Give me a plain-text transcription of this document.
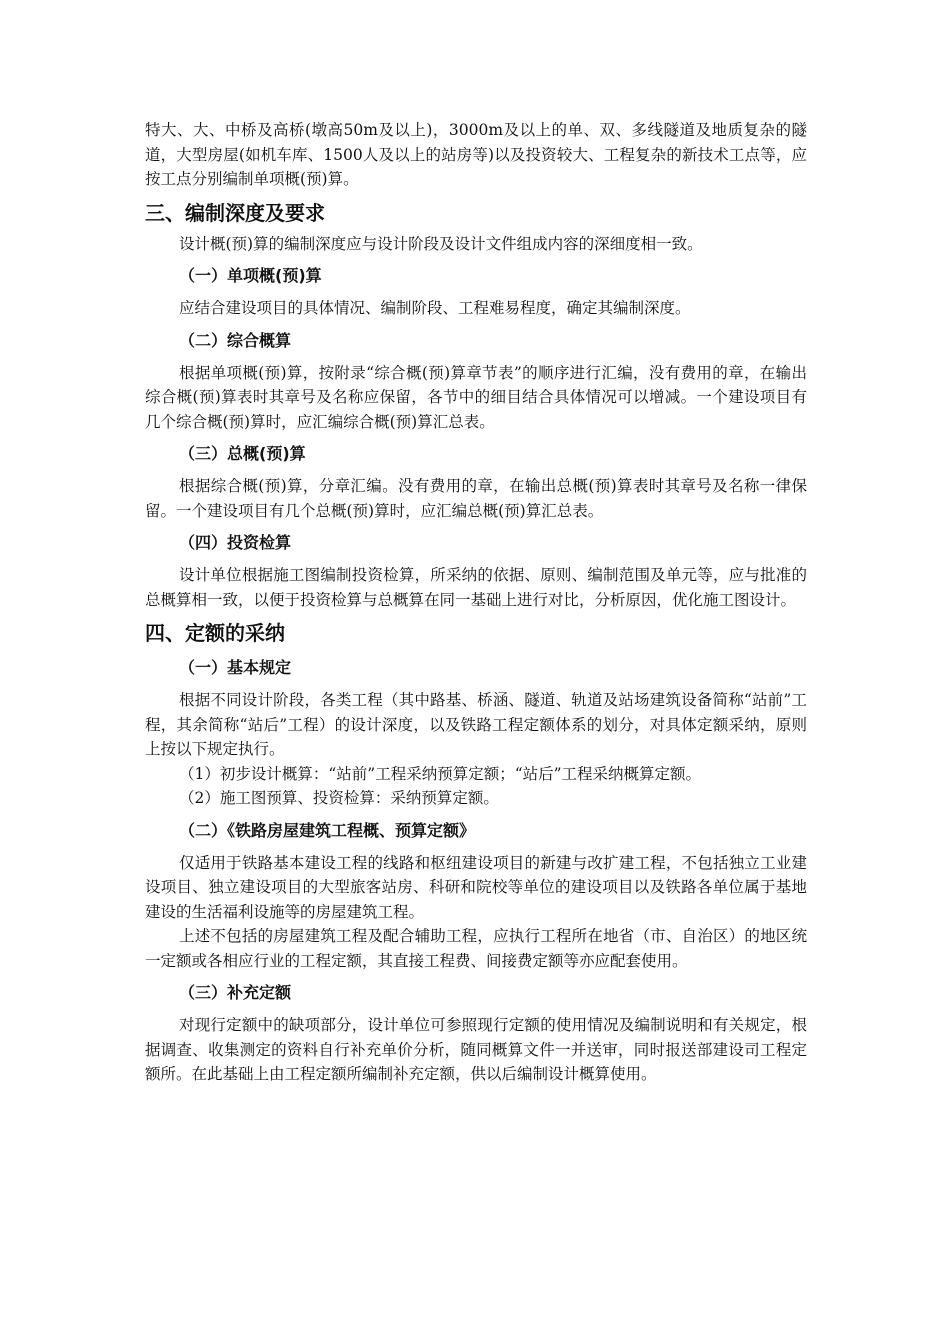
特大、大、中桥及高桥(墩高50m及以上)，3000m及以上的单、双、多线隧道及地质复杂的隧道，大型房屋(如机车库、1500人及以上的站房等)以及投资较大、工程复杂的新技术工点等，应按工点分别编制单项概(预)算。

三、编制深度及要求

设计概(预)算的编制深度应与设计阶段及设计文件组成内容的深细度相一致。

（一）单项概(预)算

应结合建设项目的具体情况、编制阶段、工程难易程度，确定其编制深度。

（二）综合概算

根据单项概(预)算，按附录“综合概(预)算章节表”的顺序进行汇编，没有费用的章，在输出综合概(预)算表时其章号及名称应保留，各节中的细目结合具体情况可以增减。一个建设项目有几个综合概(预)算时，应汇编综合概(预)算汇总表。

（三）总概(预)算

根据综合概(预)算，分章汇编。没有费用的章，在输出总概(预)算表时其章号及名称一律保留。一个建设项目有几个总概(预)算时，应汇编总概(预)算汇总表。

（四）投资检算

设计单位根据施工图编制投资检算，所采纳的依据、原则、编制范围及单元等，应与批准的总概算相一致，以便于投资检算与总概算在同一基础上进行对比，分析原因，优化施工图设计。

四、定额的采纳
（一）基本规定

根据不同设计阶段，各类工程（其中路基、桥涵、隧道、轨道及站场建筑设备简称“站前”工程，其余简称“站后”工程）的设计深度，以及铁路工程定额体系的划分，对具体定额采纳，原则上按以下规定执行。

（1）初步设计概算：“站前”工程采纳预算定额；“站后”工程采纳概算定额。

（2）施工图预算、投资检算：采纳预算定额。

（二）《铁路房屋建筑工程概、预算定额》

仅适用于铁路基本建设工程的线路和枢纽建设项目的新建与改扩建工程，不包括独立工业建设项目、独立建设项目的大型旅客站房、科研和院校等单位的建设项目以及铁路各单位属于基地建设的生活福利设施等的房屋建筑工程。

上述不包括的房屋建筑工程及配合辅助工程，应执行工程所在地省（市、自治区）的地区统一定额或各相应行业的工程定额，其直接工程费、间接费定额等亦应配套使用。

（三）补充定额

对现行定额中的缺项部分，设计单位可参照现行定额的使用情况及编制说明和有关规定，根据调查、收集测定的资料自行补充单价分析，随同概算文件一并送审，同时报送部建设司工程定额所。在此基础上由工程定额所编制补充定额，供以后编制设计概算使用。
